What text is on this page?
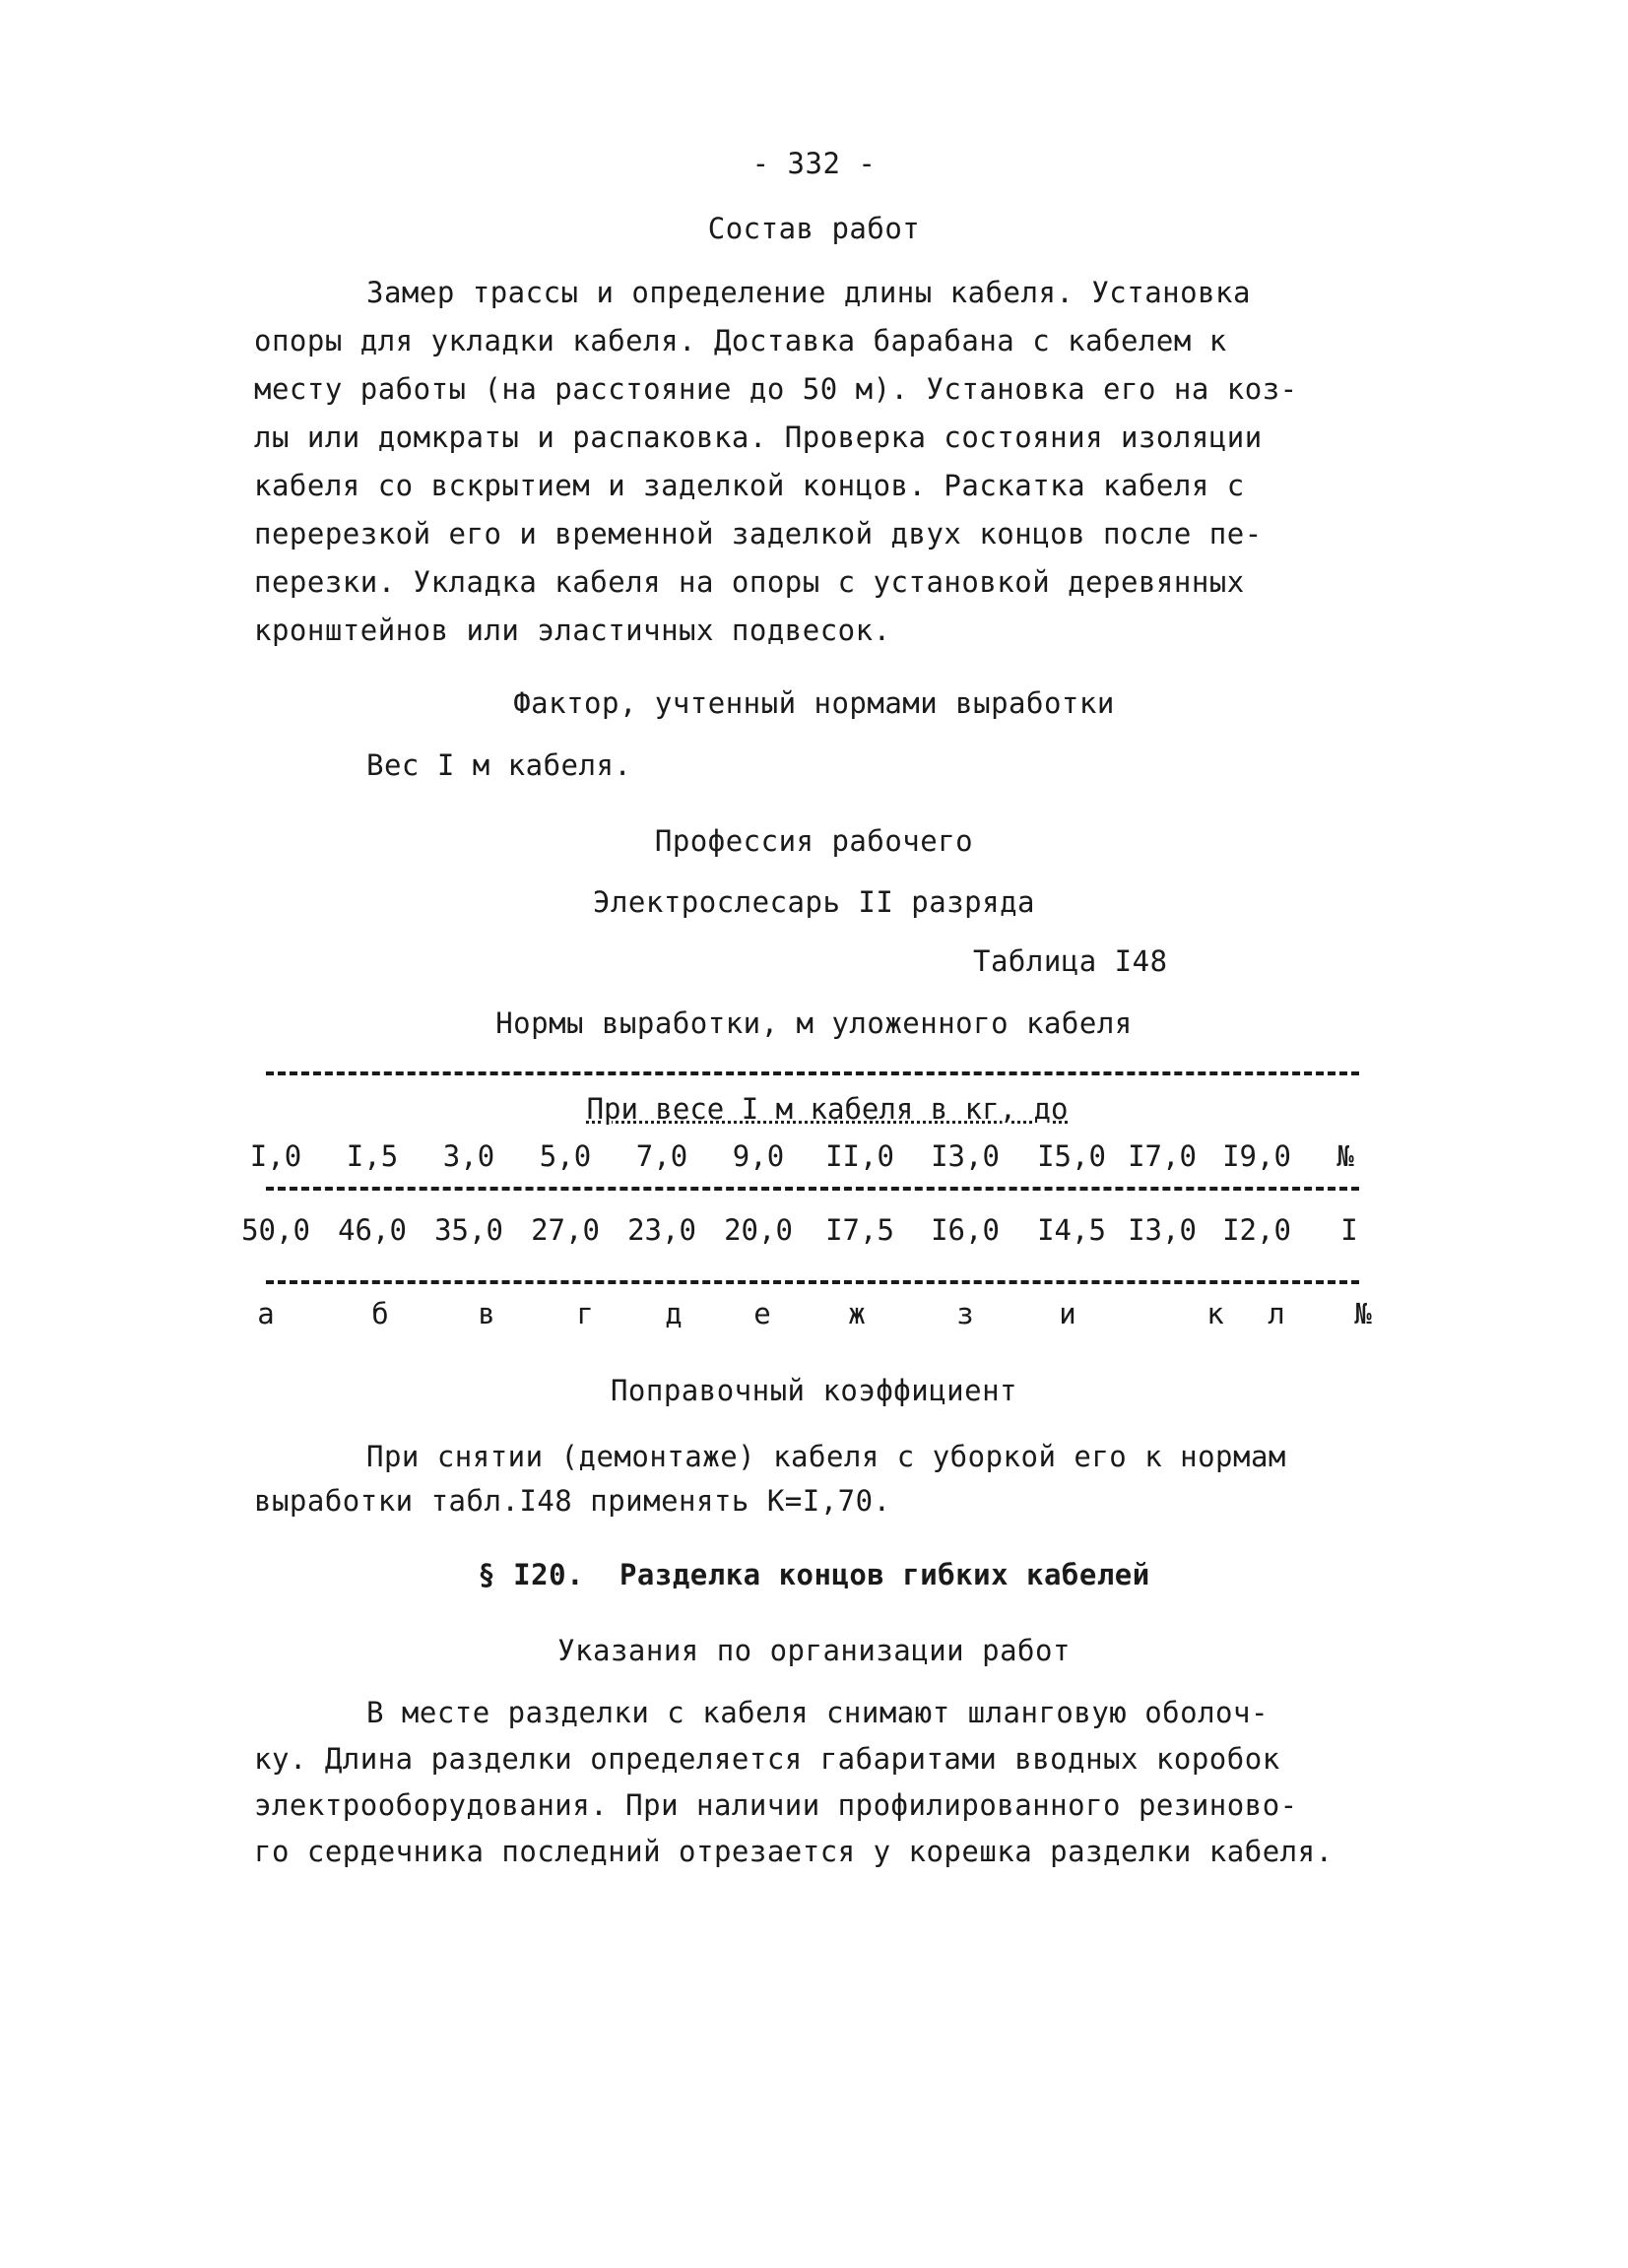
- 332 -
Состав работ
Замер трассы и определение длины кабеля. Установка
опоры для укладки кабеля. Доставка барабана с кабелем к
месту работы (на расстояние до 50 м). Установка его на коз-
лы или домкраты и распаковка. Проверка состояния изоляции
кабеля со вскрытием и заделкой концов. Раскатка кабеля с
перерезкой его и временной заделкой двух концов после пе-
перезки. Укладка кабеля на опоры с установкой деревянных
кронштейнов или эластичных подвесок.
Фактор, учтенный нормами выработки
Вес I м кабеля.
Профессия рабочего
Электрослесарь II разряда
Таблица I48
Нормы выработки, м уложенного кабеля
При весе I м кабеля в кг, до
I,0 I,5 3,0 5,0 7,0 9,0 II,0 I3,0 I5,0 I7,0 I9,0 №
50,0 46,0 35,0 27,0 23,0 20,0 I7,5 I6,0 I4,5 I3,0 I2,0 I
а	б	в	г	д	е	ж	з	и	к л №
Поправочный коэффициент
При снятии (демонтаже) кабеля с уборкой его к нормам
выработки табл.I48 применять К=I,70.
§ I20.  Разделка концов гибких кабелей
Указания по организации работ
В месте разделки с кабеля снимают шланговую оболоч-
ку. Длина разделки определяется габаритами вводных коробок
электрооборудования. При наличии профилированного резиново-
го сердечника последний отрезается у корешка разделки кабеля.
